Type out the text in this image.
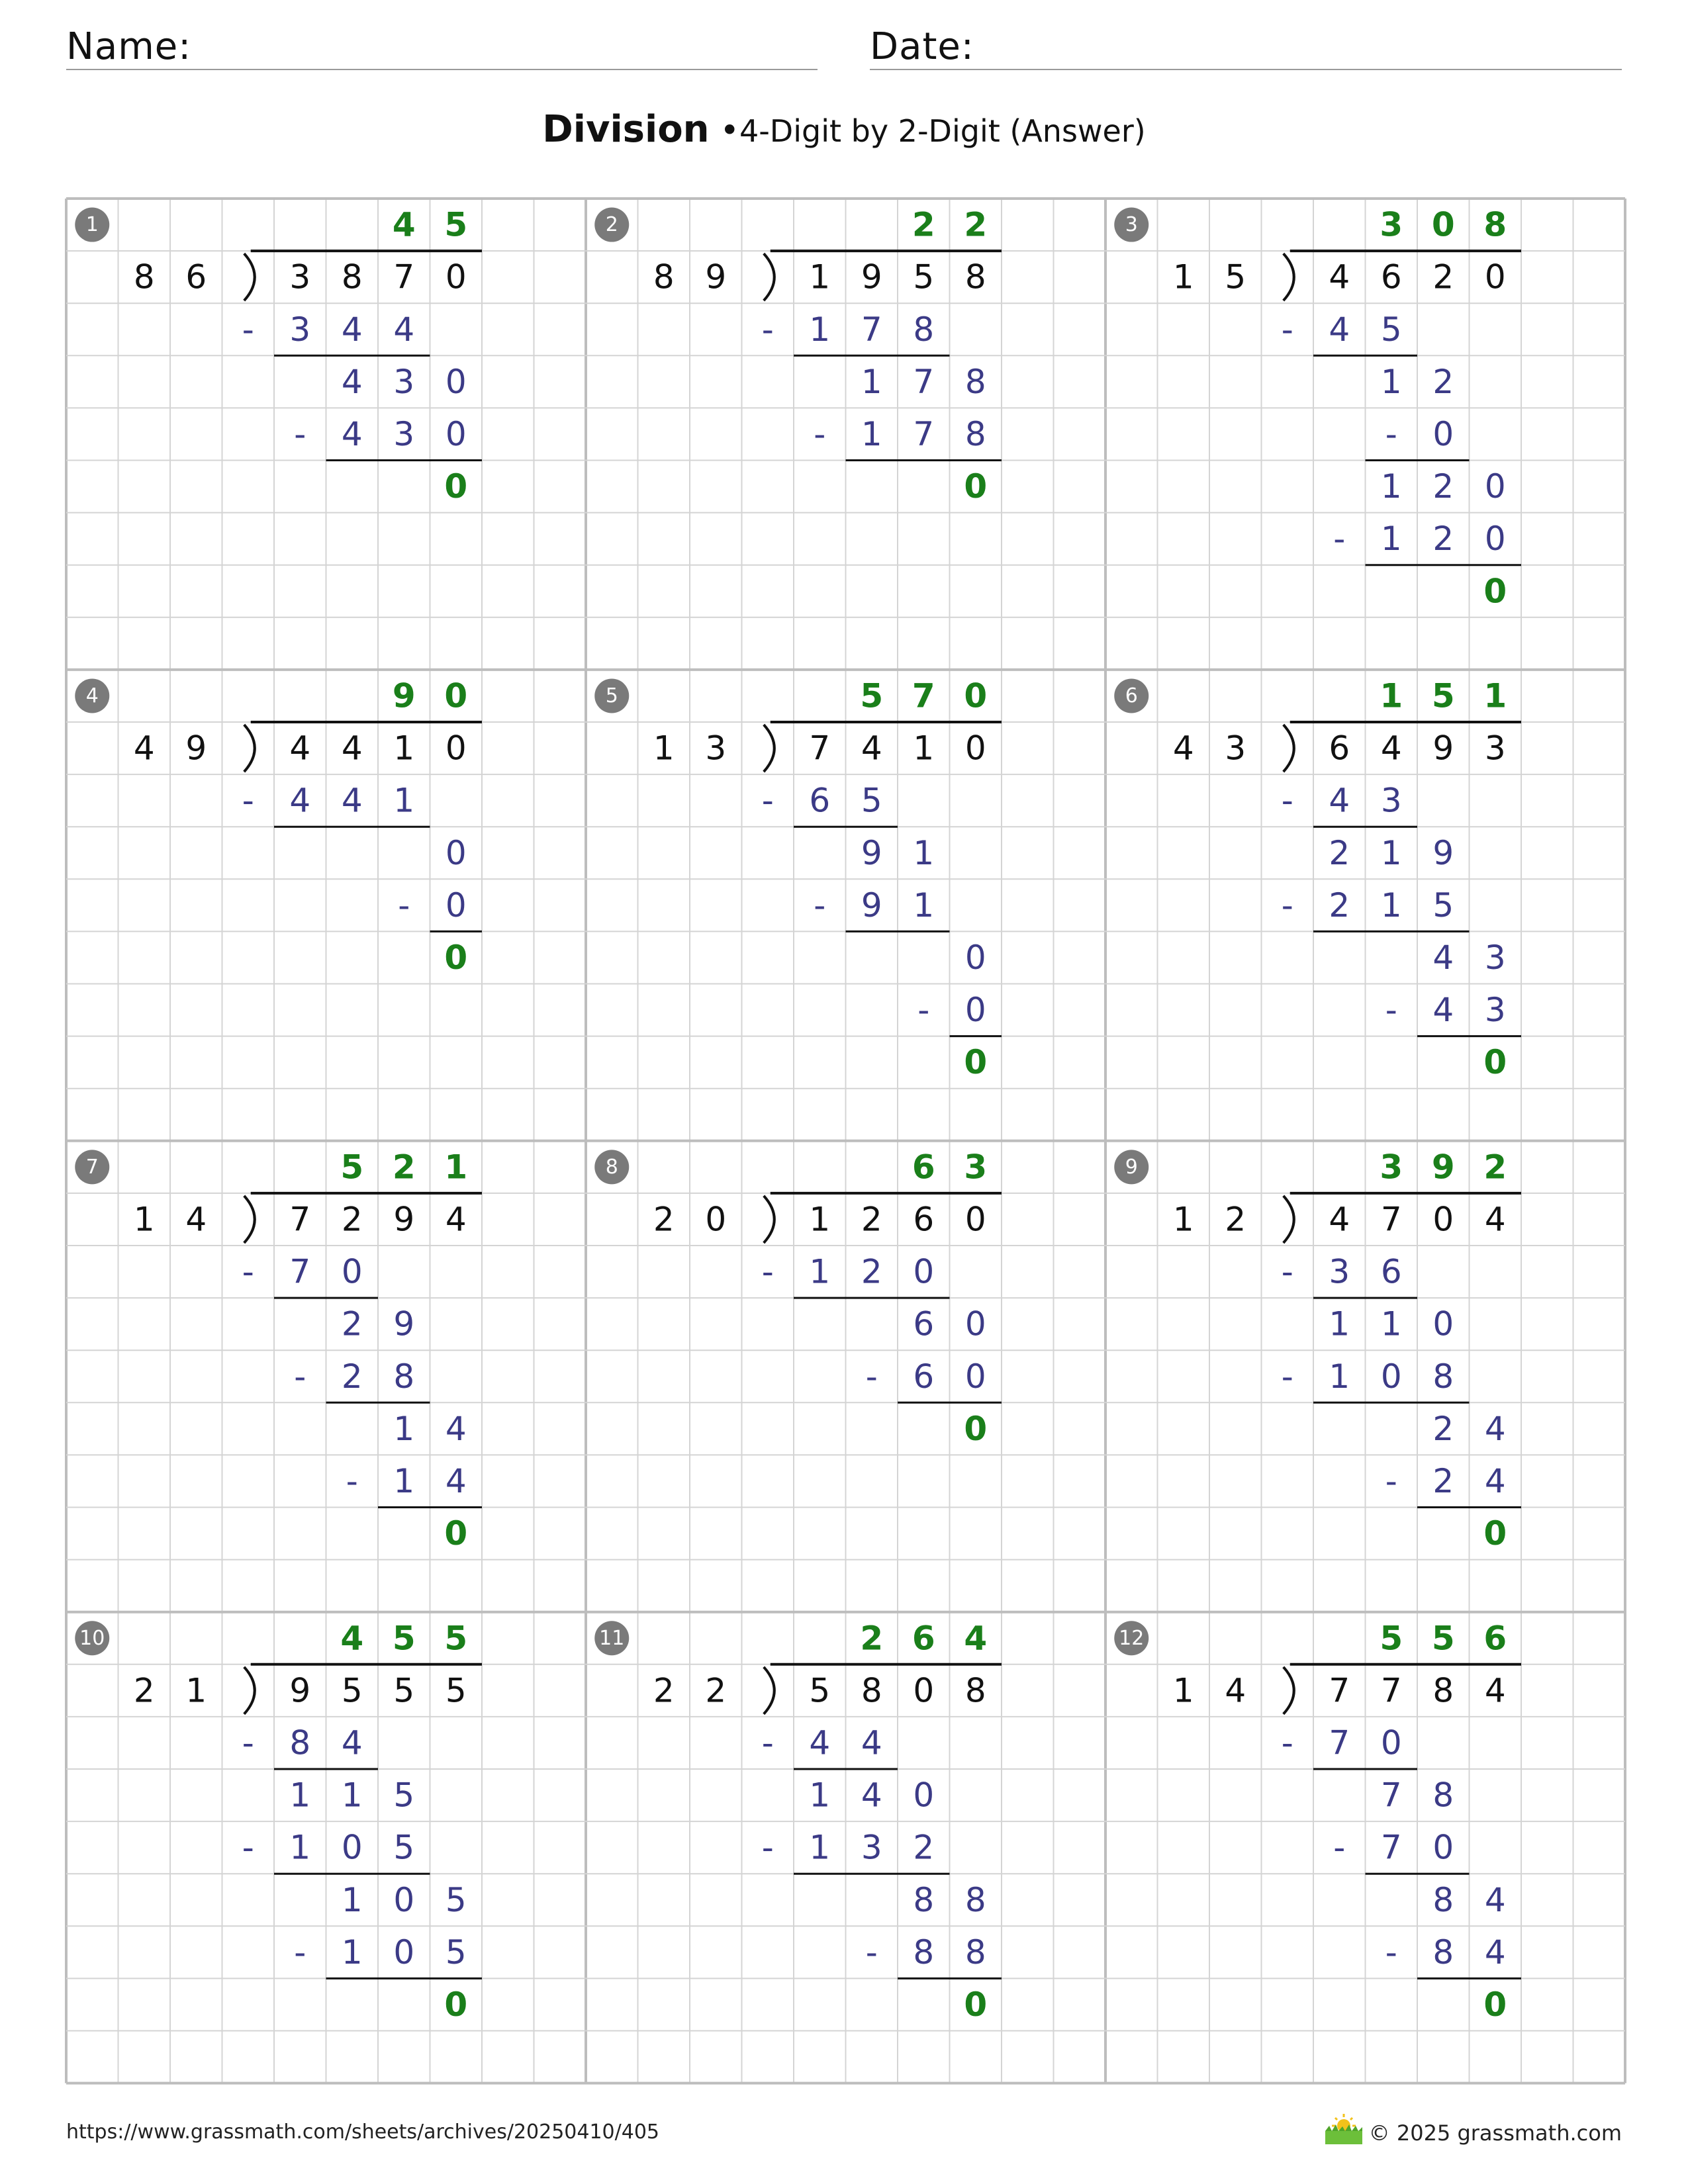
Name:	Date:
Division •4-Digit by 2-Digit (Answer)
1	4 5
8 6	3 8 7 0
3 4 4
-
4 3 0
4 3 0
-
0
2	2 2
8 9	1 9 5 8
1 7 8
-
1 7 8
1 7 8
-
0
3	3 0 8
1 5	4 6 2 0
4 5
-
1 2
0
-
1 2 0
1 2 0
-
0
4	9 0
4 9	4 4 1 0
4 4 1
-
0
0
-
0
5	5 7 0
1 3	7 4 1 0
6 5
-
9 1
9 1
-
0
0
-
0
6	1 5 1
4 3	6 4 9 3
4 3
-
2 1 9
2 1 5
-
4 3
4 3
-
0
7	5 2 1
1 4	7 2 9 4
7 0
-
2 9
2 8
-
1 4
1 4
-
0
8	6 3
2 0	1 2 6 0
1 2 0
-
6 0
6 0
-
0
9	3 9 2
1 2	4 7 0 4
3 6
-
1 1 0
1 0 8
-
2 4
2 4
-
0
10	4 5 5
2 1	9 5 5 5
8 4
-
1 1 5
1 0 5
-
1 0 5
1 0 5
-
0
11	2 6 4
2 2	5 8 0 8
4 4
-
1 4 0
1 3 2
-
8 8
8 8
-
0
12	5 5 6
1 4	7 7 8 4
7 0
-
7 8
7 0
-
8 4
8 4
-
0
https://www.grassmath.com/sheets/archives/20250410/405	© 2025 grassmath.com
